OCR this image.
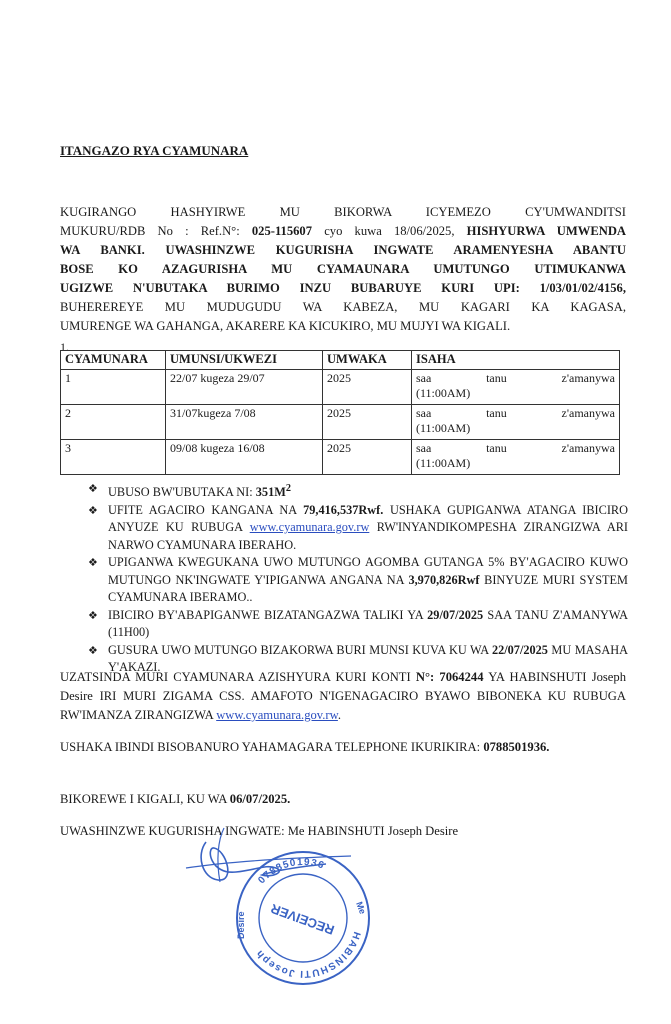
ITANGAZO RYA CYAMUNARA
KUGIRANGO HASHYIRWE MU BIKORWA ICYEMEZO CY'UMWANDITSI
MUKURU/RDB No : Ref.N°: 025-115607 cyo kuwa 18/06/2025, HISHYURWA UMWENDA
WA BANKI. UWASHINZWE KUGURISHA INGWATE ARAMENYESHA ABANTU
BOSE KO AZAGURISHA MU CYAMAUNARA UMUTUNGO UTIMUKANWA
UGIZWE N'UBUTAKA BURIMO INZU BUBARUYE KURI UPI: 1/03/01/02/4156,
BUHEREREYE MU MUDUGUDU WA KABEZA, MU KAGARI KA KAGASA,
UMURENGE WA GAHANGA, AKARERE KA KICUKIRO, MU MUJYI WA KIGALI.
1.
CYAMUNARA	UMUNSI/UKWEZI	UMWAKA	ISAHA
1	22/07 kugeza 29/07	2025	saa tanu z'amanywa
(11:00AM)

2	31/07kugeza 7/08	2025	saa tanu z'amanywa
(11:00AM)

3	09/08 kugeza 16/08	2025	saa tanu z'amanywa
(11:00AM)
❖ UBUSO BW'UBUTAKA NI: $351M^2$
❖ UFITE AGACIRO KANGANA NA 79,416,537Rwf. USHAKA GUPIGANWA ATANGA IBICIRO ANYUZE KU RUBUGA www.cyamunara.gov.rw RW'INYANDIKOMPESHA ZIRANGIZWA ARI NARWO CYAMUNARA IBERAHO.
❖ UPIGANWA KWEGUKANA UWO MUTUNGO AGOMBA GUTANGA 5% BY'AGACIRO KUWO MUTUNGO NK'INGWATE Y'IPIGANWA ANGANA NA 3,970,826Rwf BINYUZE MURI SYSTEM CYAMUNARA IBERAMO..
❖ IBICIRO BY'ABAPIGANWE BIZATANGAZWA TALIKI YA 29/07/2025 SAA TANU Z'AMANYWA (11H00)
❖ GUSURA UWO MUTUNGO BIZAKORWA BURI MUNSI KUVA KU WA 22/07/2025 MU MASAHA Y'AKAZI.
UZATSINDA MURI CYAMUNARA AZISHYURA KURI KONTI N°: 7064244 YA HABINSHUTI Joseph Desire IRI MURI ZIGAMA CSS. AMAFOTO N'IGENAGACIRO BYAWO BIBONEKA KU RUBUGA RW'IMANZA ZIRANGIZWA www.cyamunara.gov.rw.
USHAKA IBINDI BISOBANURO YAHAMAGARA TELEPHONE IKURIKIRA: 0788501936.
BIKOREWE I KIGALI, KU WA 06/07/2025.
UWASHINZWE KUGURISHA INGWATE: Me HABINSHUTI Joseph Desire
0788501936
HABINSHUTI Joseph
Me
Desire RECEIVER
